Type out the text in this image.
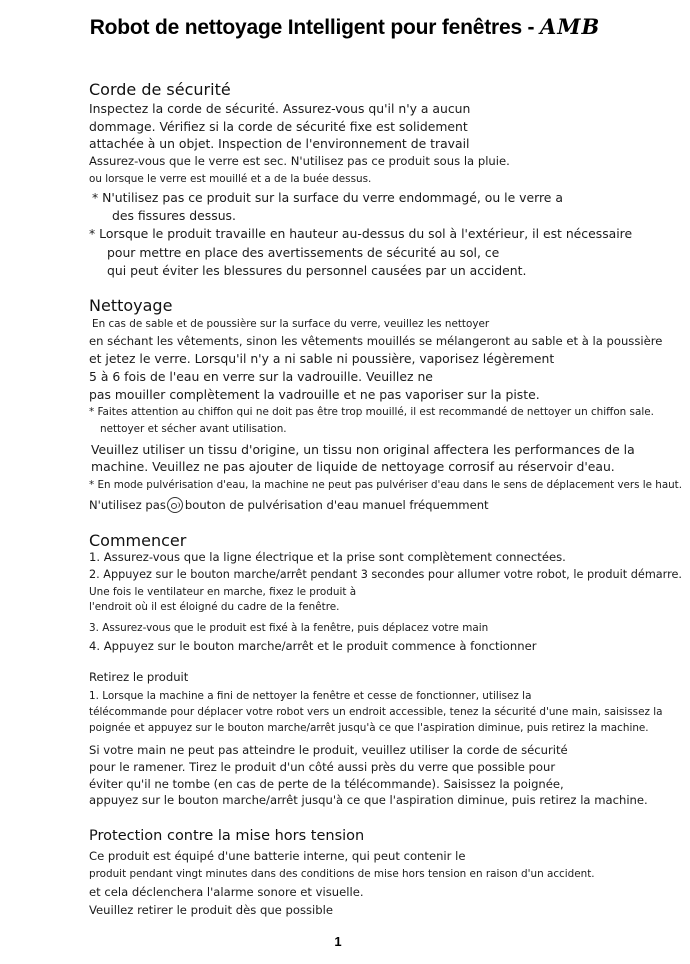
Robot de nettoyage Intelligent pour fenêtres - AMB
Corde de sécurité
Inspectez la corde de sécurité. Assurez-vous qu'il n'y a aucun
dommage. Vérifiez si la corde de sécurité fixe est solidement
attachée à un objet. Inspection de l'environnement de travail
Assurez-vous que le verre est sec. N'utilisez pas ce produit sous la pluie.
ou lorsque le verre est mouillé et a de la buée dessus.
* N'utilisez pas ce produit sur la surface du verre endommagé, ou le verre a
des fissures dessus.
* Lorsque le produit travaille en hauteur au-dessus du sol à l'extérieur, il est nécessaire
pour mettre en place des avertissements de sécurité au sol, ce
qui peut éviter les blessures du personnel causées par un accident.
Nettoyage
En cas de sable et de poussière sur la surface du verre, veuillez les nettoyer
en séchant les vêtements, sinon les vêtements mouillés se mélangeront au sable et à la poussière
et jetez le verre. Lorsqu'il n'y a ni sable ni poussière, vaporisez légèrement
5 à 6 fois de l'eau en verre sur la vadrouille. Veuillez ne
pas mouiller complètement la vadrouille et ne pas vaporiser sur la piste.
* Faites attention au chiffon qui ne doit pas être trop mouillé, il est recommandé de nettoyer un chiffon sale.
nettoyer et sécher avant utilisation.
Veuillez utiliser un tissu d'origine, un tissu non original affectera les performances de la
machine. Veuillez ne pas ajouter de liquide de nettoyage corrosif au réservoir d'eau.
* En mode pulvérisation d'eau, la machine ne peut pas pulvériser d'eau dans le sens de déplacement vers le haut.
N'utilisez pas bouton de pulvérisation d'eau manuel fréquemment
Commencer
1. Assurez-vous que la ligne électrique et la prise sont complètement connectées.
2. Appuyez sur le bouton marche/arrêt pendant 3 secondes pour allumer votre robot, le produit démarre.
Une fois le ventilateur en marche, fixez le produit à
l'endroit où il est éloigné du cadre de la fenêtre.
3. Assurez-vous que le produit est fixé à la fenêtre, puis déplacez votre main
4. Appuyez sur le bouton marche/arrêt et le produit commence à fonctionner
Retirez le produit
1. Lorsque la machine a fini de nettoyer la fenêtre et cesse de fonctionner, utilisez la
télécommande pour déplacer votre robot vers un endroit accessible, tenez la sécurité d'une main, saisissez la
poignée et appuyez sur le bouton marche/arrêt jusqu'à ce que l'aspiration diminue, puis retirez la machine.
Si votre main ne peut pas atteindre le produit, veuillez utiliser la corde de sécurité
pour le ramener. Tirez le produit d'un côté aussi près du verre que possible pour
éviter qu'il ne tombe (en cas de perte de la télécommande). Saisissez la poignée,
appuyez sur le bouton marche/arrêt jusqu'à ce que l'aspiration diminue, puis retirez la machine.
Protection contre la mise hors tension
Ce produit est équipé d'une batterie interne, qui peut contenir le
produit pendant vingt minutes dans des conditions de mise hors tension en raison d'un accident.
et cela déclenchera l'alarme sonore et visuelle.
Veuillez retirer le produit dès que possible
1
